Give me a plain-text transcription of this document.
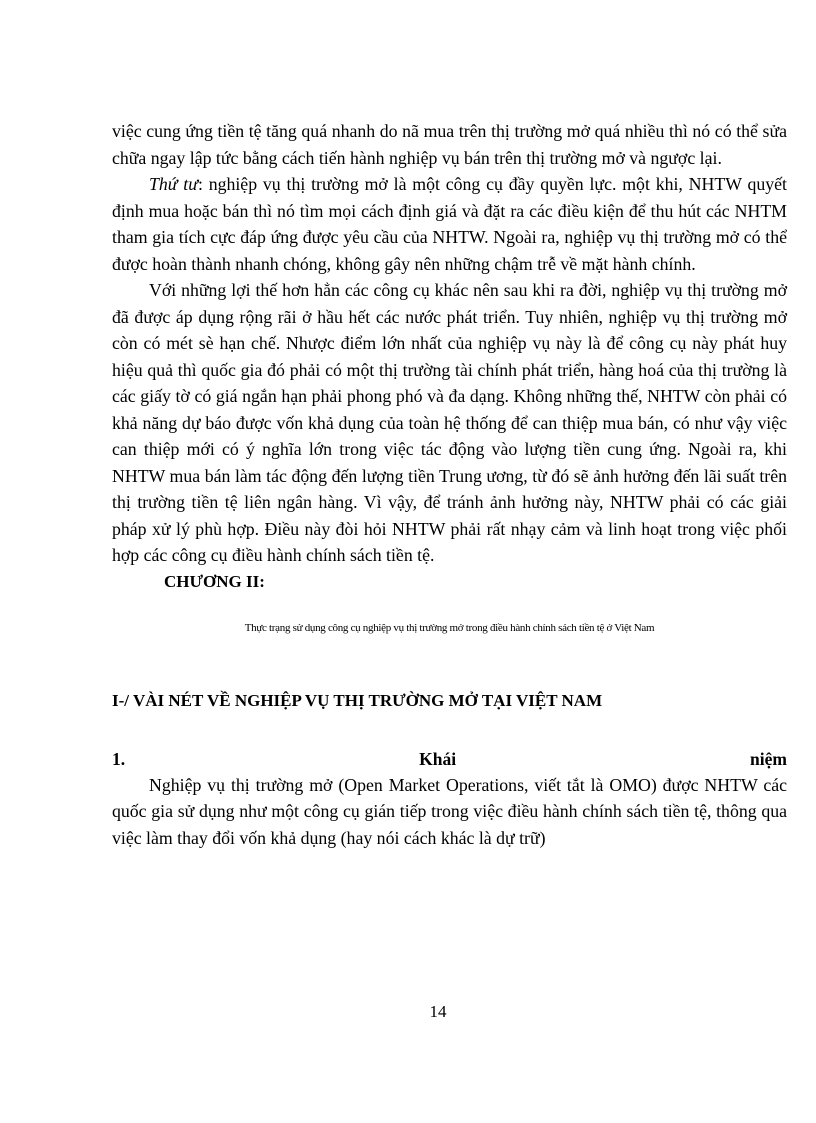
việc cung ứng tiền tệ tăng quá nhanh do nã mua trên thị trường mở quá nhiều thì nó có thể sửa chữa ngay lập tức bằng cách tiến hành nghiệp vụ bán trên thị trường mở và ngược lại.

Thứ tư: nghiệp vụ thị trường mở là một công cụ đầy quyền lực. một khi, NHTW quyết định mua hoặc bán thì nó tìm mọi cách định giá và đặt ra các điều kiện để thu hút các NHTM tham gia tích cực đáp ứng được yêu cầu của NHTW. Ngoài ra, nghiệp vụ thị trường mở có thể được hoàn thành nhanh chóng, không gây nên những chậm trễ về mặt hành chính.

Với những lợi thế hơn hẳn các công cụ khác nên sau khi ra đời, nghiệp vụ thị trường mở đã được áp dụng rộng rãi ở hầu hết các nước phát triển. Tuy nhiên, nghiệp vụ thị trường mở còn có mét sè hạn chế. Nhược điểm lớn nhất của nghiệp vụ này là để công cụ này phát huy hiệu quả thì quốc gia đó phải có một thị trường tài chính phát triển, hàng hoá của thị trường là các giấy tờ có giá ngắn hạn phải phong phó và đa dạng. Không những thế, NHTW còn phải có khả năng dự báo được vốn khả dụng của toàn hệ thống để can thiệp mua bán, có như vậy việc can thiệp mới có ý nghĩa lớn trong việc tác động vào lượng tiền cung ứng. Ngoài ra, khi NHTW mua bán làm tác động đến lượng tiền Trung ương, từ đó sẽ ảnh hưởng đến lãi suất trên thị trường tiền tệ liên ngân hàng. Vì vậy, để tránh ảnh hưởng này, NHTW phải có các giải pháp xử lý phù hợp. Điều này đòi hỏi NHTW phải rất nhạy cảm và linh hoạt trong việc phối hợp các công cụ điều hành chính sách tiền tệ.

CHƯƠNG II:
Thực trạng sử dụng công cụ nghiệp vụ thị trường mở trong điều hành chính sách tiền tệ ở Việt Nam
I-/ VÀI NÉT VỀ NGHIỆP VỤ THỊ TRƯỜNG MỞ TẠI VIỆT NAM
1.	Khái	niệm

Nghiệp vụ thị trường mở (Open Market Operations, viết tắt là OMO) được NHTW các quốc gia sử dụng như một công cụ gián tiếp trong việc điều hành chính sách tiền tệ, thông qua việc làm thay đổi vốn khả dụng (hay nói cách khác là dự trữ)

14
